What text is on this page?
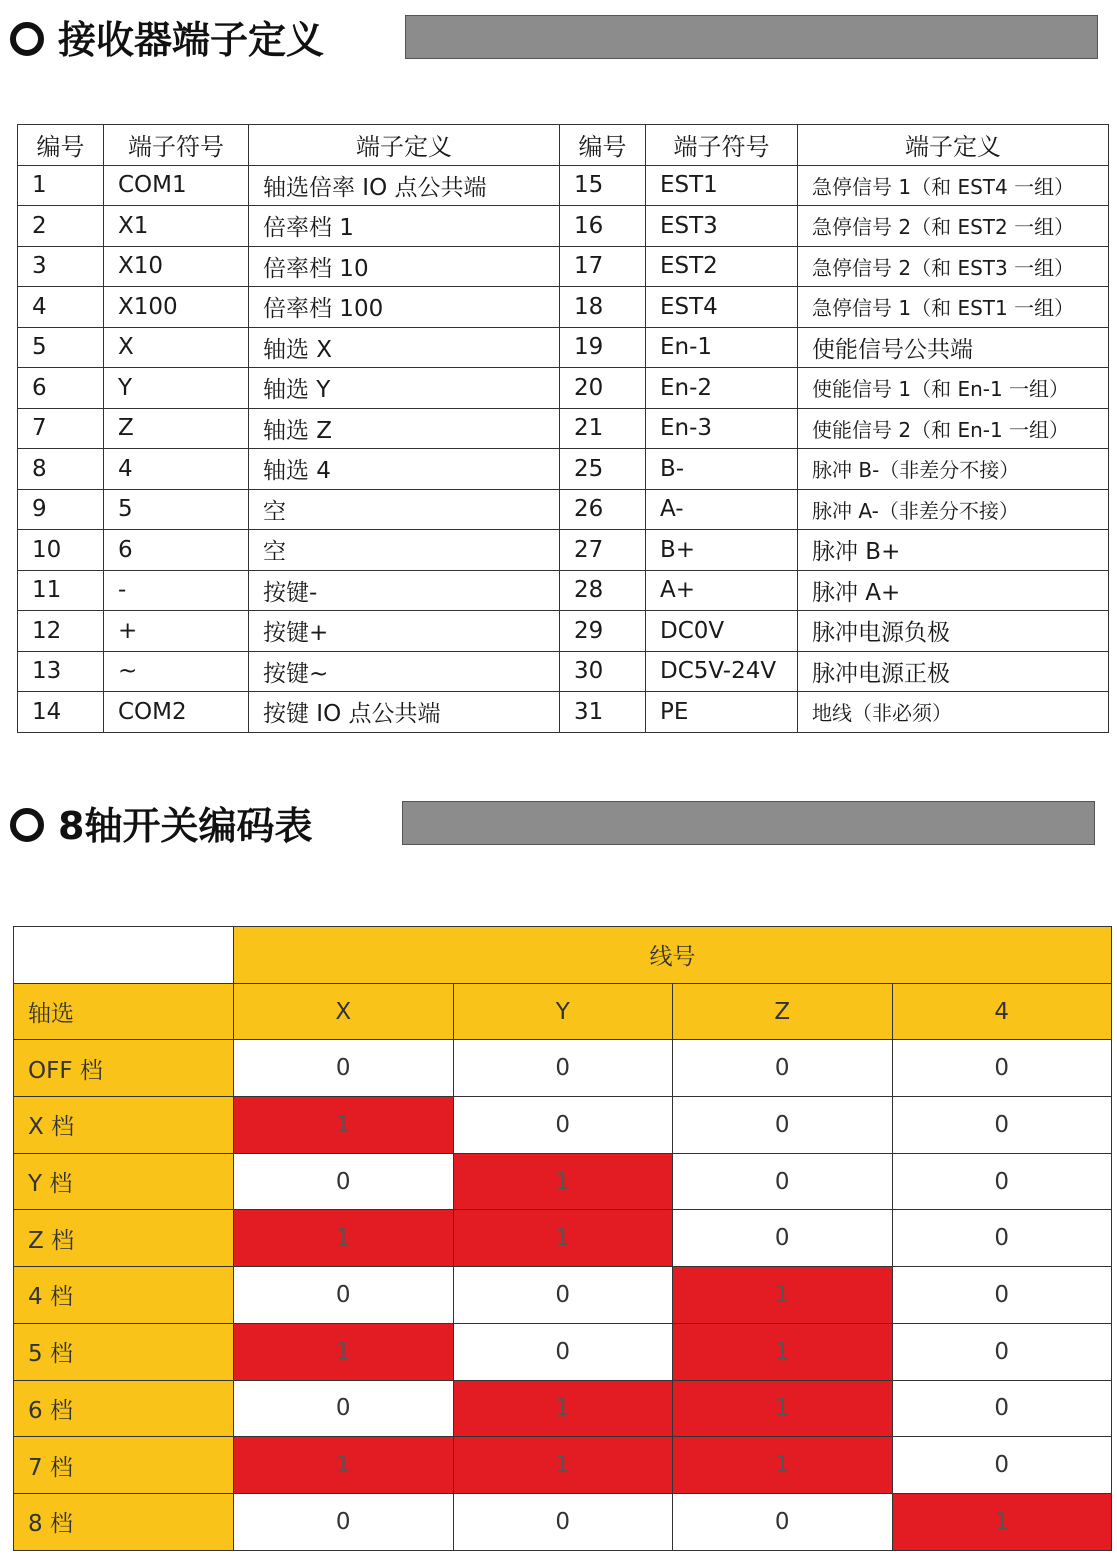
接收器端子定义
编号	端子符号	端子定义	编号	端子符号	端子定义
1	COM1	轴选倍率 IO 点公共端	15	EST1	急停信号 1（和 EST4 一组）
2	X1	倍率档 1	16	EST3	急停信号 2（和 EST2 一组）
3	X10	倍率档 10	17	EST2	急停信号 2（和 EST3 一组）
4	X100	倍率档 100	18	EST4	急停信号 1（和 EST1 一组）
5	X	轴选 X	19	En-1	使能信号公共端
6	Y	轴选 Y	20	En-2	使能信号 1（和 En-1 一组）
7	Z	轴选 Z	21	En-3	使能信号 2（和 En-1 一组）
8	4	轴选 4	25	B-	脉冲 B-（非差分不接）
9	5	空	26	A-	脉冲 A-（非差分不接）
10	6	空	27	B+	脉冲 B+
11	-	按键-	28	A+	脉冲 A+
12	+	按键+	29	DC0V	脉冲电源负极
13	~	按键~	30	DC5V-24V	脉冲电源正极
14	COM2	按键 IO 点公共端	31	PE	地线（非必须）
8轴开关编码表
	线号			
轴选	X	Y	Z	4
OFF 档	0	0	0	0
X 档	1	0	0	0
Y 档	0	1	0	0
Z 档	1	1	0	0
4 档	0	0	1	0
5 档	1	0	1	0
6 档	0	1	1	0
7 档	1	1	1	0
8 档	0	0	0	1
